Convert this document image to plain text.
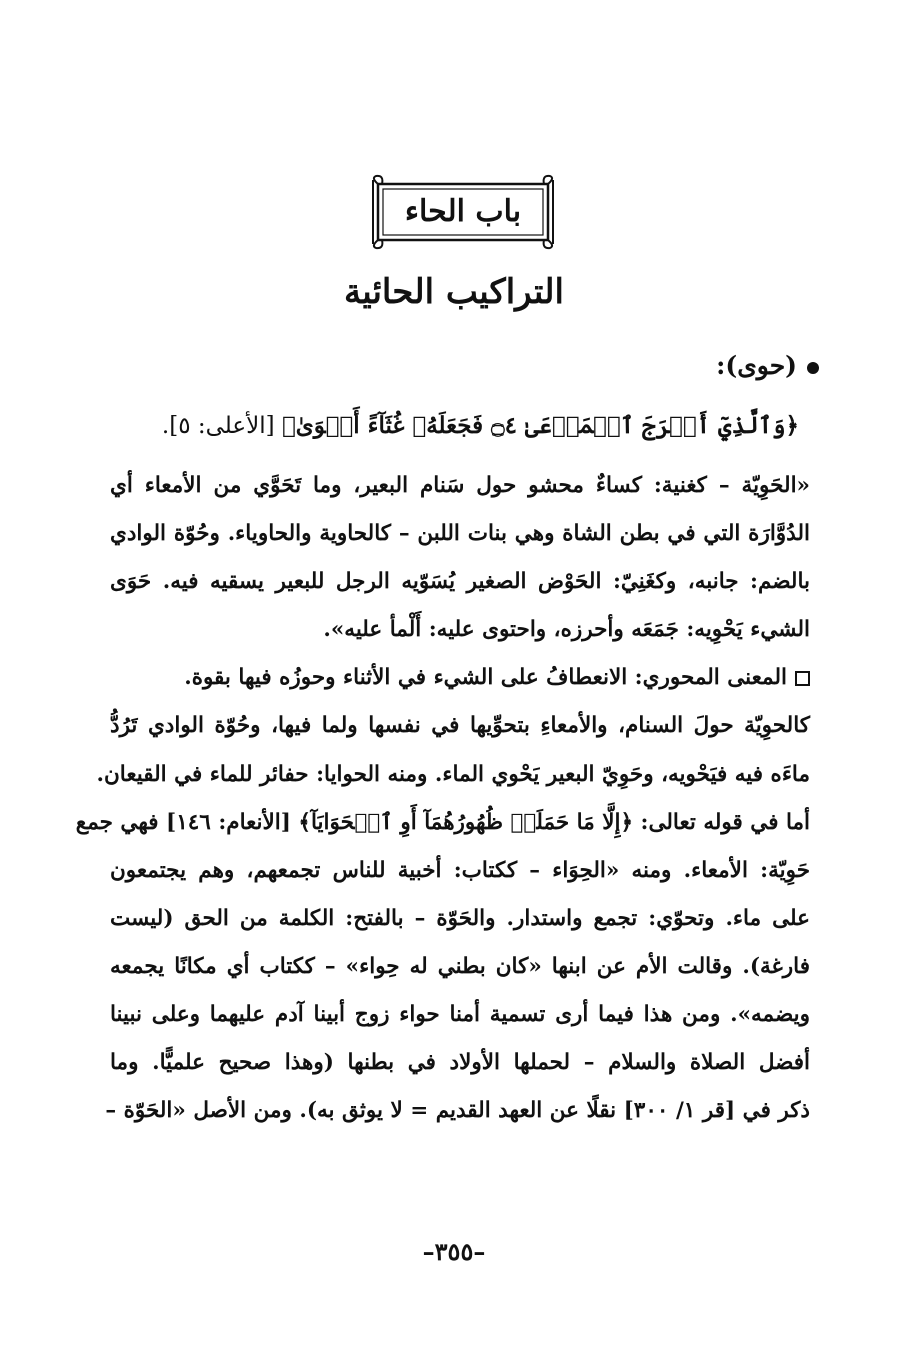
باب الحاء
التراكيب الحائية
(حوى):
﴿وَٱلَّذِيٓ أَخۡرَجَ ٱلۡمَرۡعَىٰ ۝٤ فَجَعَلَهُۥ غُثَآءً أَحۡوَىٰ﴾ [الأعلى: ٥].
«الحَوِيّة – كغنية: كساءٌ محشو حول سَنام البعير، وما تَحَوَّي من الأمعاء أي
الدُوَّارَة التي في بطن الشاة وهي بنات اللبن – كالحاوية والحاوياء. وحُوّة الوادي
بالضم: جانبه، وكغَنِيّ: الحَوْض الصغير يُسَوّيه الرجل للبعير يسقيه فيه. حَوَى
الشيء يَحْوِيه: جَمَعَه وأحرزه، واحتوى عليه: أَلْمأ عليه».
المعنى المحوري: الانعطافُ على الشيء في الأثناء وحوزُه فيها بقوة.
كالحوِيّة حولَ السنام، والأمعاءِ بتحوِّيها في نفسها ولما فيها، وحُوّة الوادي تَرُدُّ
ماءَه فيه فيَحْويه، وحَوِيّ البعير يَحْوي الماء. ومنه الحوايا: حفائر للماء في القيعان.
أما في قوله تعالى: ﴿إِلَّا مَا حَمَلَتۡ ظُهُورُهُمَآ أَوِ ٱلۡحَوَايَآ﴾ [الأنعام: ١٤٦] فهي جمع
حَوِيّة: الأمعاء. ومنه «الحِوَاء – ككتاب: أخبية للناس تجمعهم، وهم يجتمعون
على ماء. وتحوّي: تجمع واستدار. والحَوّة – بالفتح: الكلمة من الحق (ليست
فارغة). وقالت الأم عن ابنها «كان بطني له حِواء» – ككتاب أي مكانًا يجمعه
ويضمه». ومن هذا فيما أرى تسمية أمنا حواء زوج أبينا آدم عليهما وعلى نبينا
أفضل الصلاة والسلام – لحملها الأولاد في بطنها (وهذا صحيح علميًّا. وما
ذكر في [قر ١/ ٣٠٠] نقلًا عن العهد القديم = لا يوثق به). ومن الأصل «الحَوّة –
–٣٥٥–
